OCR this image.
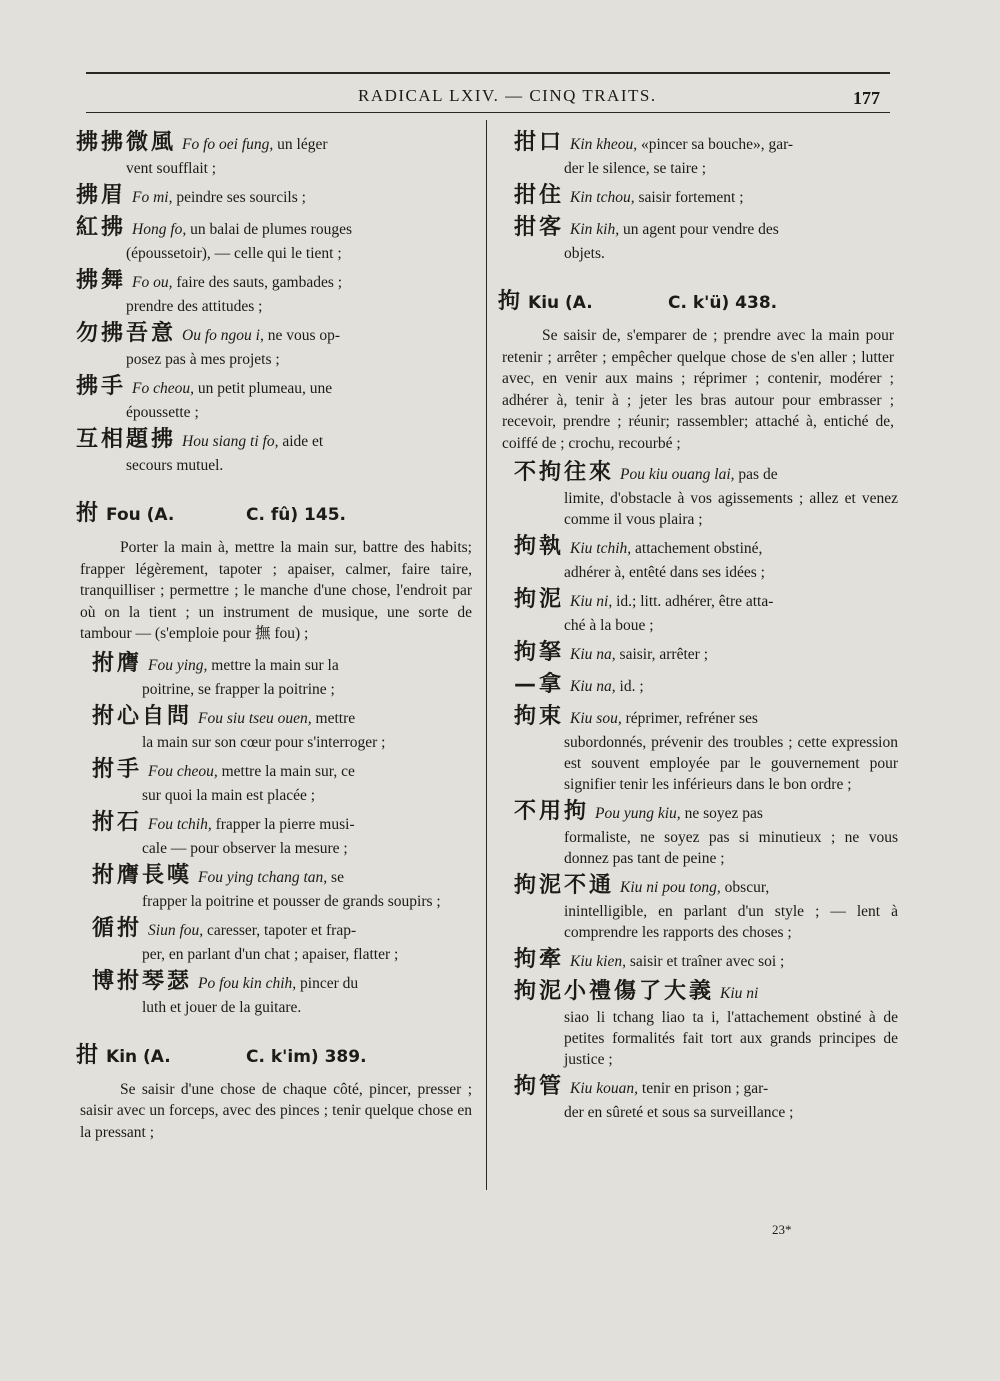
RADICAL LXIV. — CINQ TRAITS.	177
拂拂微風 Fo fo oei fung, un léger
vent soufflait ;
拂眉 Fo mi, peindre ses sourcils ;
紅拂 Hong fo, un balai de plumes rouges
(époussetoir), — celle qui le tient ;
拂舞 Fo ou, faire des sauts, gambades ;
prendre des attitudes ;
勿拂吾意 Ou fo ngou i, ne vous op-
posez pas à mes projets ;
拂手 Fo cheou, un petit plumeau, une
époussette ;
互相題拂 Hou siang ti fo, aide et
secours mutuel.
拊 Fou (A.	C. fû) 145.
Porter la main à, mettre la main sur, battre des habits; frapper légèrement, tapoter ; apaiser, calmer, faire taire, tranquilliser ; permettre ; le manche d'une chose, l'endroit par où on la tient ; un instrument de musique, une sorte de tambour — (s'emploie pour 撫 fou) ;
拊膺 Fou ying, mettre la main sur la
poitrine, se frapper la poitrine ;
拊心自問 Fou siu tseu ouen, mettre
la main sur son cœur pour s'interroger ;
拊手 Fou cheou, mettre la main sur, ce
sur quoi la main est placée ;
拊石 Fou tchih, frapper la pierre musi-
cale — pour observer la mesure ;
拊膺長嘆 Fou ying tchang tan, se
frapper la poitrine et pousser de grands soupirs ;
循拊 Siun fou, caresser, tapoter et frap-
per, en parlant d'un chat ; apaiser, flatter ;
博拊琴瑟 Po fou kin chih, pincer du
luth et jouer de la guitare.
拑 Kin (A.	C. k'im) 389.
Se saisir d'une chose de chaque côté, pincer, presser ; saisir avec un forceps, avec des pinces ; tenir quelque chose en la pressant ;
拑口 Kin kheou, «pincer sa bouche», gar-
der le silence, se taire ;
拑住 Kin tchou, saisir fortement ;
拑客 Kin kih, un agent pour vendre des
objets.
拘 Kiu (A.	C. k'ü) 438.
Se saisir de, s'emparer de ; prendre avec la main pour retenir ; arrêter ; empêcher quelque chose de s'en aller ; lutter avec, en venir aux mains ; réprimer ; contenir, modérer ; adhérer à, tenir à ; jeter les bras autour pour embrasser ; recevoir, prendre ; réunir; rassembler; attaché à, entiché de, coiffé de ; crochu, recourbé ;
不拘往來 Pou kiu ouang lai, pas de
limite, d'obstacle à vos agissements ; allez et venez comme il vous plaira ;
拘執 Kiu tchih, attachement obstiné,
adhérer à, entêté dans ses idées ;
拘泥 Kiu ni, id.; litt. adhérer, être atta-
ché à la boue ;
拘拏 Kiu na, saisir, arrêter ;
—拿 Kiu na, id. ;
拘束 Kiu sou, réprimer, refréner ses
subordonnés, prévenir des troubles ; cette expression est souvent employée par le gouvernement pour signifier tenir les inférieurs dans le bon ordre ;
不用拘 Pou yung kiu, ne soyez pas
formaliste, ne soyez pas si minutieux ; ne vous donnez pas tant de peine ;
拘泥不通 Kiu ni pou tong, obscur,
inintelligible, en parlant d'un style ; — lent à comprendre les rapports des choses ;
拘牽 Kiu kien, saisir et traîner avec soi ;
拘泥小禮傷了大義 Kiu ni
siao li tchang liao ta i, l'attachement obstiné à de petites formalités fait tort aux grands principes de justice ;
拘管 Kiu kouan, tenir en prison ; gar-
der en sûreté et sous sa surveillance ;
23*
